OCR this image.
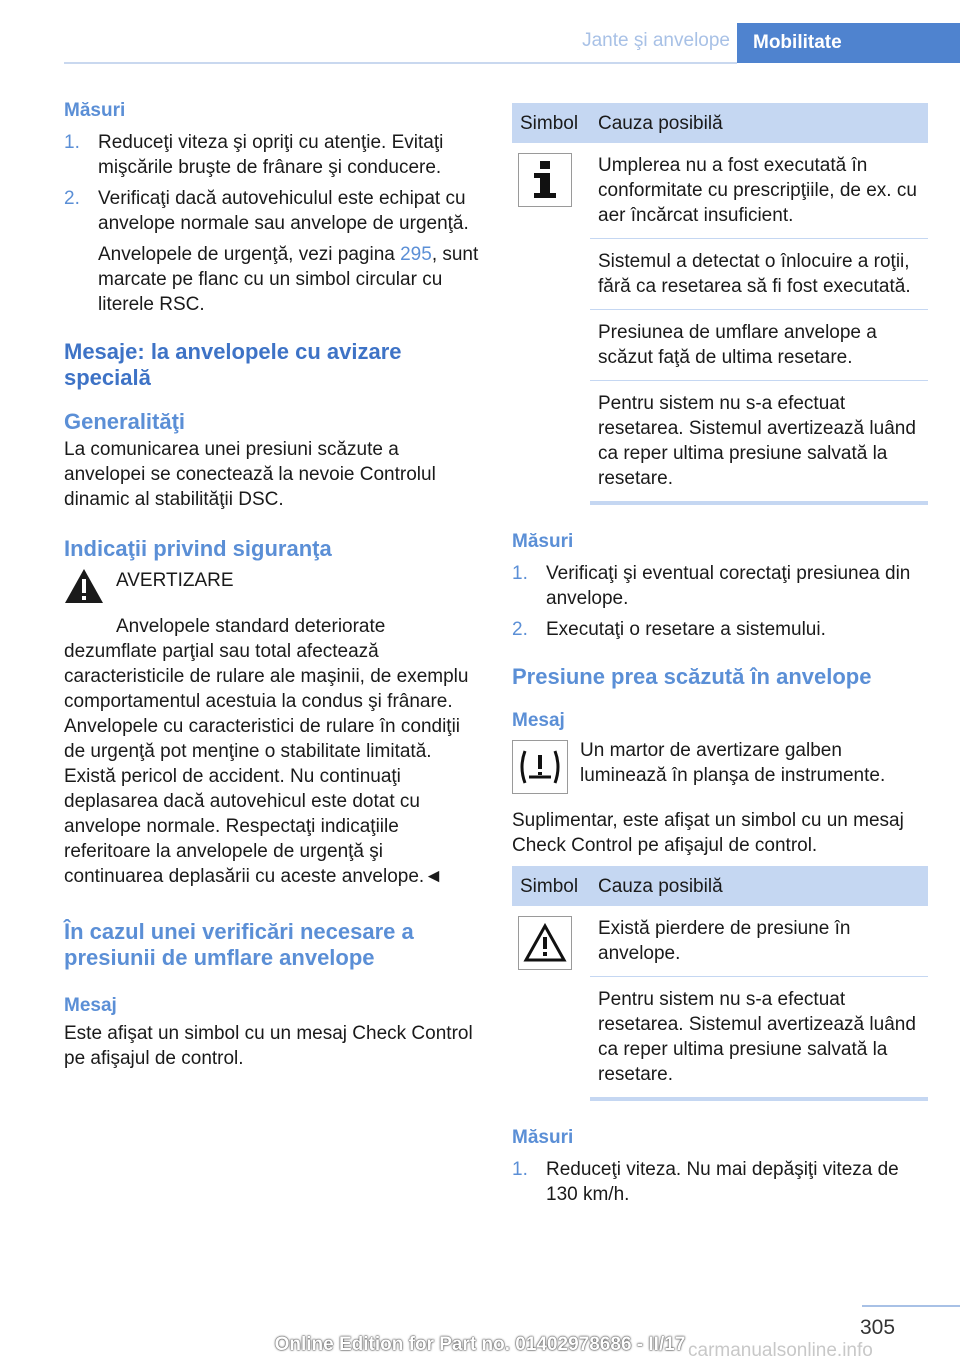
Jante şi anvelope	Mobilitate
Măsuri
1. Reduceţi viteza şi opriţi cu atenţie. Evitaţi mişcările bruşte de frânare şi conducere.
2. Verificaţi dacă autovehiculul este echipat cu anvelope normale sau anvelope de urgenţă.
Anvelopele de urgenţă, vezi pagina 295, sunt marcate pe flanc cu un simbol circular cu literele RSC.
Mesaje: la anvelopele cu avizare specială
Generalităţi

La comunicarea unei presiuni scăzute a anvelopei se conectează la nevoie Controlul dinamic al stabilităţii DSC.

Indicaţii privind siguranţa
AVERTIZARE

Anvelopele standard deteriorate dezumflate parţial sau total afectează caracteristicile de rulare ale maşinii, de exemplu comportamentul acestuia la condus şi frânare. Anvelopele cu caracteristici de rulare în condiţii de urgenţă pot menţine o stabilitate limitată. Există pericol de accident. Nu continuaţi deplasarea dacă autovehicul este dotat cu anvelope normale. Respectaţi indicaţiile referitoare la anvelopele de urgenţă şi continuarea deplasării cu aceste anvelope.◄

În cazul unei verificări necesare a presiunii de umflare anvelope
Mesaj

Este afişat un simbol cu un mesaj Check Control pe afişajul de control.

Simbol	Cauza posibilă

	Umplerea nu a fost executată în conformitate cu prescripţiile, de ex. cu aer încărcat insuficient.
	Sistemul a detectat o înlocuire a roţii, fără ca resetarea să fi fost executată.
	Presiunea de umflare anvelope a scăzut faţă de ultima resetare.
	Pentru sistem nu s-a efectuat resetarea. Sistemul avertizează luând ca reper ultima presiune salvată la resetare.
Măsuri
1. Verificaţi şi eventual corectaţi presiunea din anvelope.
2. Executaţi o resetare a sistemului.
Presiune prea scăzută în anvelope
Mesaj

Un martor de avertizare galben luminează în planşa de instrumente.

Suplimentar, este afişat un simbol cu un mesaj Check Control pe afişajul de control.

Simbol	Cauza posibilă

	Există pierdere de presiune în anvelope.
	Pentru sistem nu s-a efectuat resetarea. Sistemul avertizează luând ca reper ultima presiune salvată la resetare.
Măsuri
1. Reduceţi viteza. Nu mai depăşiţi viteza de 130 km/h.
305
carmanualsonline.info
Online Edition for Part no. 01402978686 - II/17
